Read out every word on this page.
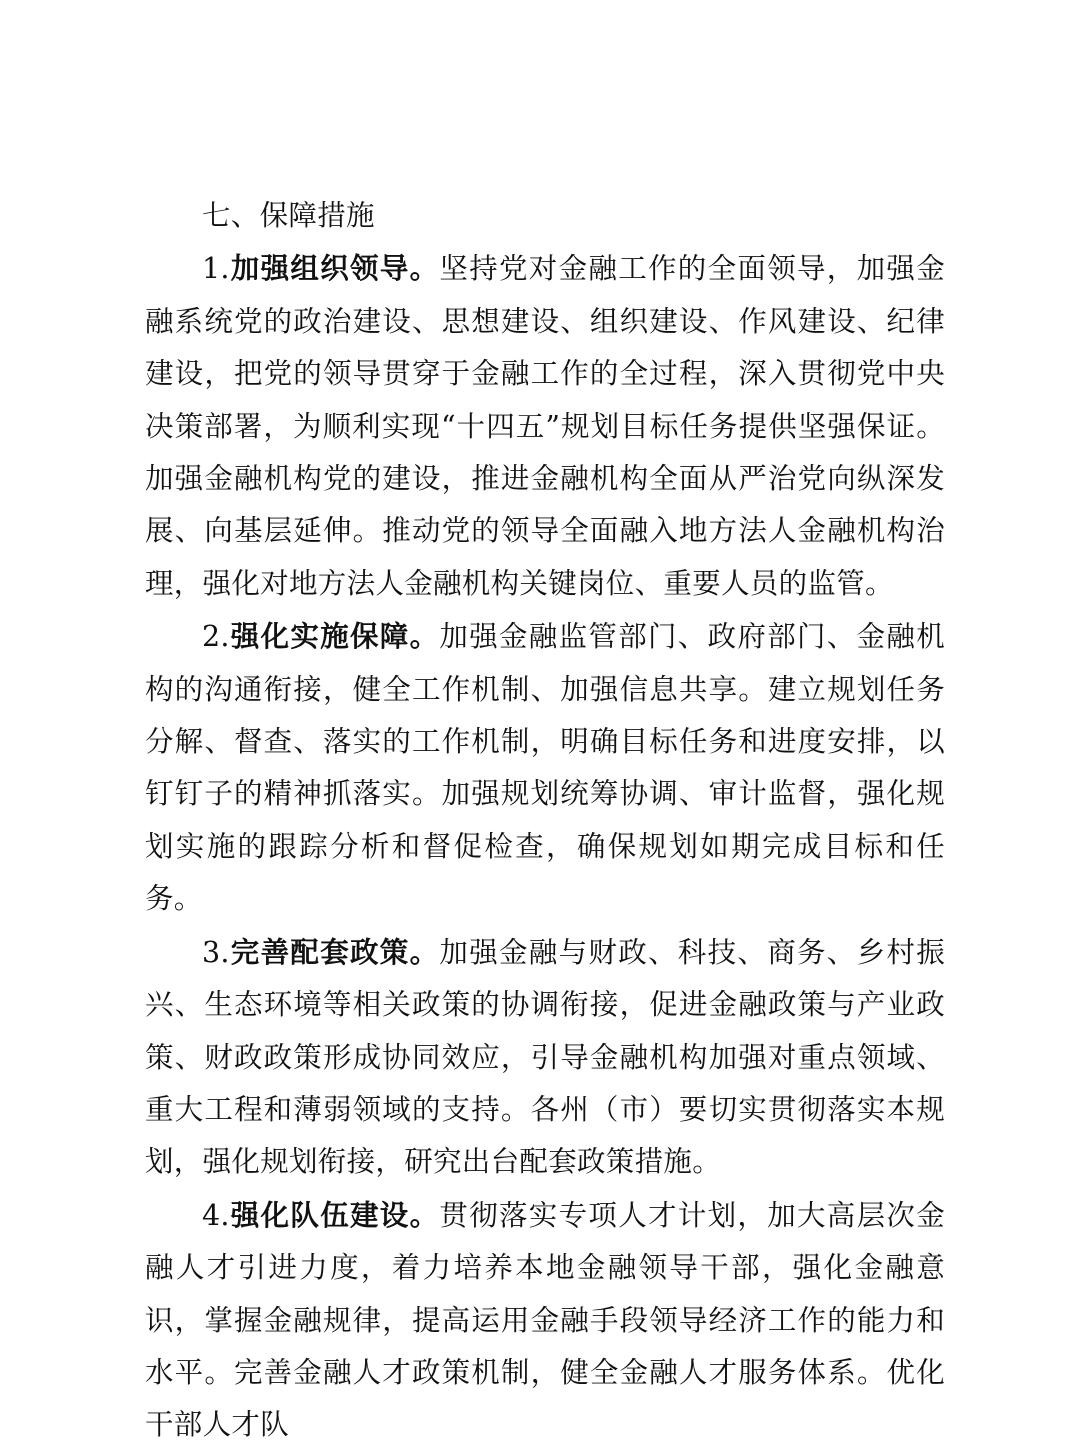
七、保障措施

1.加强组织领导。坚持党对金融工作的全面领导，加强金融系统党的政治建设、思想建设、组织建设、作风建设、纪律建设，把党的领导贯穿于金融工作的全过程，深入贯彻党中央决策部署，为顺利实现“十四五”规划目标任务提供坚强保证。加强金融机构党的建设，推进金融机构全面从严治党向纵深发展、向基层延伸。推动党的领导全面融入地方法人金融机构治理，强化对地方法人金融机构关键岗位、重要人员的监管。

2.强化实施保障。加强金融监管部门、政府部门、金融机构的沟通衔接，健全工作机制、加强信息共享。建立规划任务分解、督查、落实的工作机制，明确目标任务和进度安排，以钉钉子的精神抓落实。加强规划统筹协调、审计监督，强化规划实施的跟踪分析和督促检查，确保规划如期完成目标和任务。

3.完善配套政策。加强金融与财政、科技、商务、乡村振兴、生态环境等相关政策的协调衔接，促进金融政策与产业政策、财政政策形成协同效应，引导金融机构加强对重点领域、重大工程和薄弱领域的支持。各州（市）要切实贯彻落实本规划，强化规划衔接，研究出台配套政策措施。

4.强化队伍建设。贯彻落实专项人才计划，加大高层次金融人才引进力度，着力培养本地金融领导干部，强化金融意识，掌握金融规律，提高运用金融手段领导经济工作的能力和水平。完善金融人才政策机制，健全金融人才服务体系。优化干部人才队
